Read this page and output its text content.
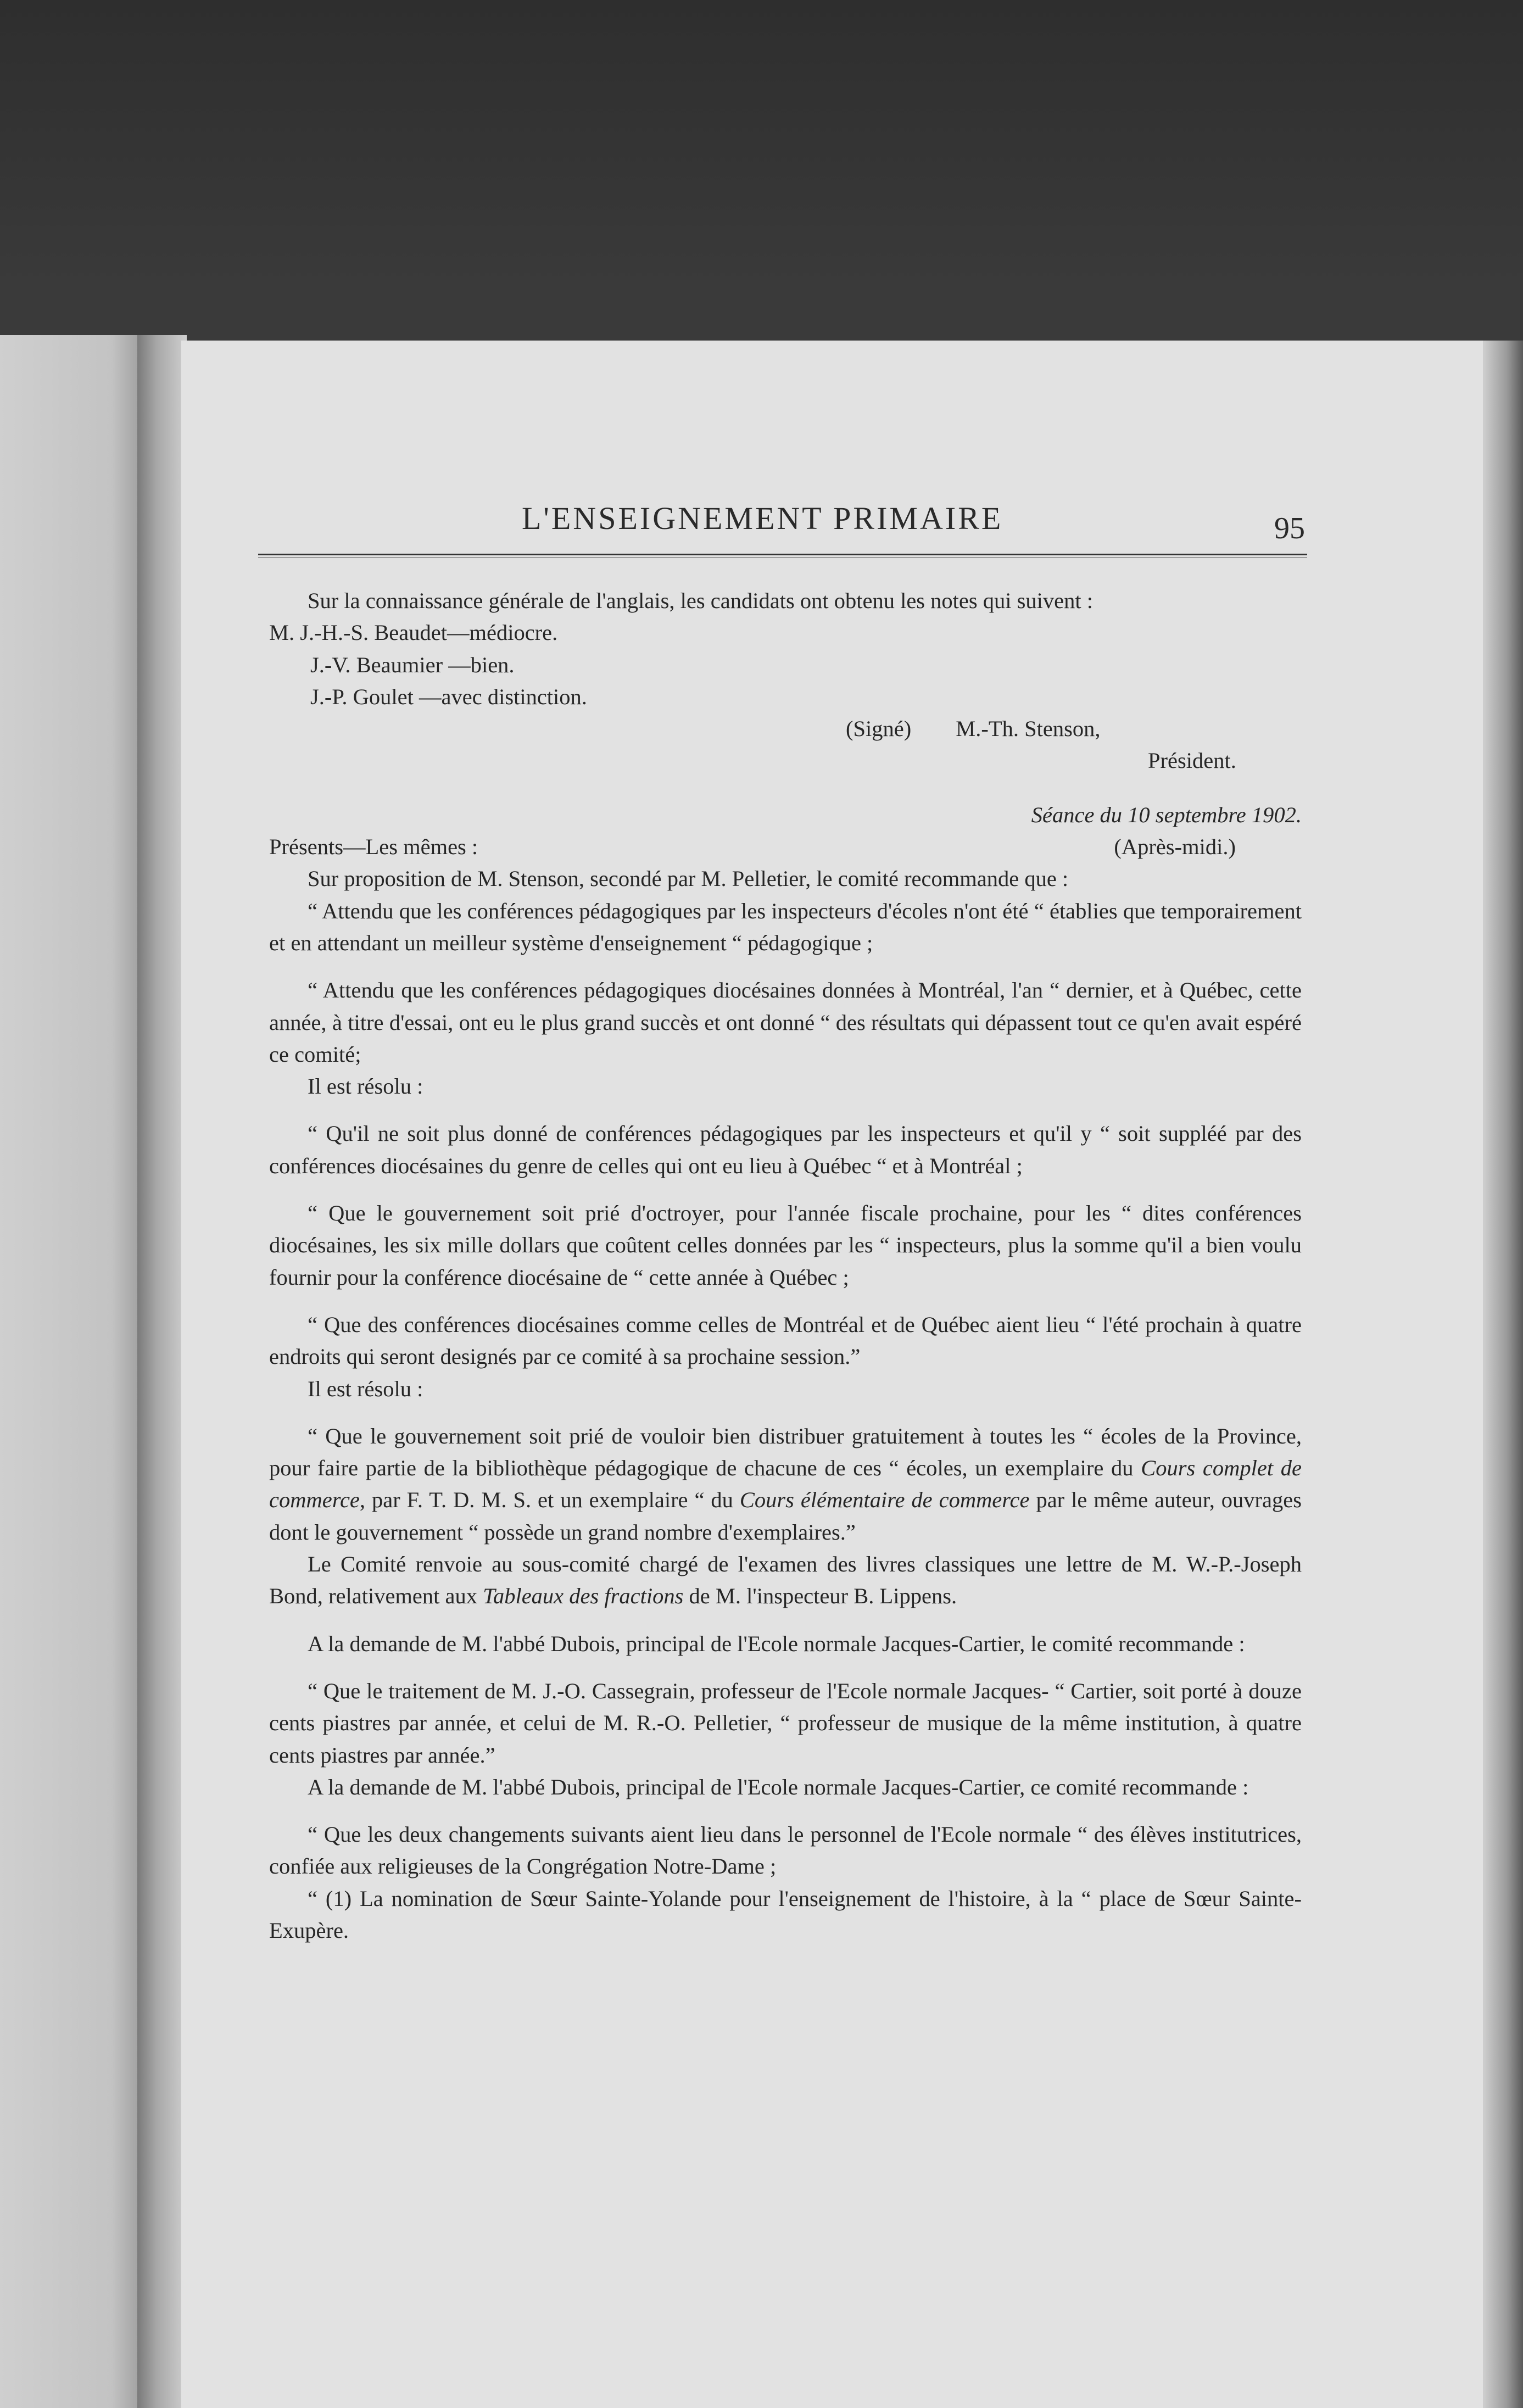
L'ENSEIGNEMENT PRIMAIRE	95

Sur la connaissance générale de l'anglais, les candidats ont obtenu les notes qui suivent :

M. J.-H.-S. Beaudet—médiocre.

J.-V. Beaumier —bien.

J.-P. Goulet —avec distinction.

(Signé) M.-Th. Stenson,

Président.

Séance du 10 septembre 1902.

Présents—Les mêmes :	(Après-midi.)

Sur proposition de M. Stenson, secondé par M. Pelletier, le comité recommande que :

“ Attendu que les conférences pédagogiques par les inspecteurs d'écoles n'ont été “ établies que temporairement et en attendant un meilleur système d'enseignement “ pédagogique ;

“ Attendu que les conférences pédagogiques diocésaines données à Montréal, l'an “ dernier, et à Québec, cette année, à titre d'essai, ont eu le plus grand succès et ont donné “ des résultats qui dépassent tout ce qu'en avait espéré ce comité;

Il est résolu :

“ Qu'il ne soit plus donné de conférences pédagogiques par les inspecteurs et qu'il y “ soit suppléé par des conférences diocésaines du genre de celles qui ont eu lieu à Québec “ et à Montréal ;

“ Que le gouvernement soit prié d'octroyer, pour l'année fiscale prochaine, pour les “ dites conférences diocésaines, les six mille dollars que coûtent celles données par les “ inspecteurs, plus la somme qu'il a bien voulu fournir pour la conférence diocésaine de “ cette année à Québec ;

“ Que des conférences diocésaines comme celles de Montréal et de Québec aient lieu “ l'été prochain à quatre endroits qui seront designés par ce comité à sa prochaine session.”

Il est résolu :

“ Que le gouvernement soit prié de vouloir bien distribuer gratuitement à toutes les “ écoles de la Province, pour faire partie de la bibliothèque pédagogique de chacune de ces “ écoles, un exemplaire du Cours complet de commerce, par F. T. D. M. S. et un exemplaire “ du Cours élémentaire de commerce par le même auteur, ouvrages dont le gouvernement “ possède un grand nombre d'exemplaires.”

Le Comité renvoie au sous-comité chargé de l'examen des livres classiques une lettre de M. W.-P.-Joseph Bond, relativement aux Tableaux des fractions de M. l'inspecteur B. Lippens.

A la demande de M. l'abbé Dubois, principal de l'Ecole normale Jacques-Cartier, le comité recommande :

“ Que le traitement de M. J.-O. Cassegrain, professeur de l'Ecole normale Jacques- “ Cartier, soit porté à douze cents piastres par année, et celui de M. R.-O. Pelletier, “ professeur de musique de la même institution, à quatre cents piastres par année.”

A la demande de M. l'abbé Dubois, principal de l'Ecole normale Jacques-Cartier, ce comité recommande :

“ Que les deux changements suivants aient lieu dans le personnel de l'Ecole normale “ des élèves institutrices, confiée aux religieuses de la Congrégation Notre-Dame ;

“ (1) La nomination de Sœur Sainte-Yolande pour l'enseignement de l'histoire, à la “ place de Sœur Sainte-Exupère.
